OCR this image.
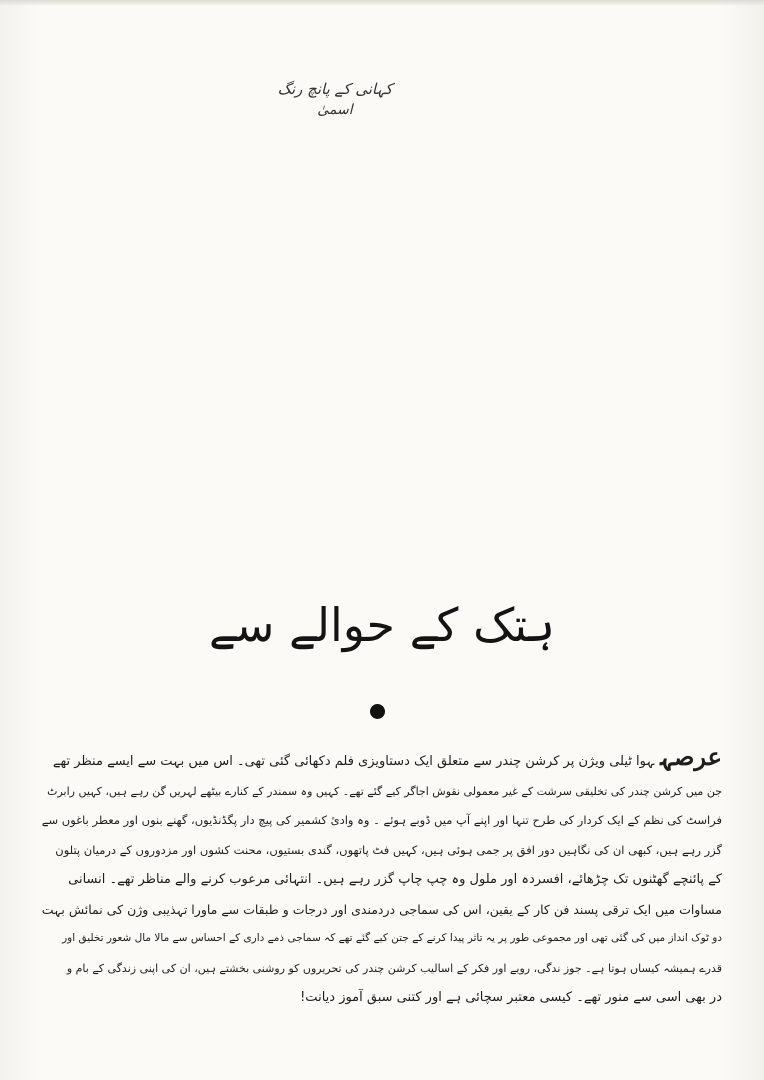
کہانی کے پانچ رنگ
اسمیٰ
ہتک کے حوالے سے
عرصہہوا ٹیلی ویژن پر کرشن چندر سے متعلق ایک دستاویزی فلم دکھائی گئی تھی۔ اس میں بہت سے ایسے منظر تھے
جن میں کرشن چندر کی تخلیقی سرشت کے غیر معمولی نقوش اجاگر کیے گئے تھے۔ کہیں وہ سمندر کے کنارے بیٹھے لہریں گن رہے ہیں، کہیں رابرٹ
فراسٹ کی نظم کے ایک کردار کی طرح تنہا اور اپنے آپ میں ڈوبے ہوئے ۔ وہ وادیٔ کشمیر کی پیچ دار پگڈنڈیوں، گھنے بنوں اور معطر باغوں سے
گزر رہے ہیں، کبھی ان کی نگاہیں دور افق پر جمی ہوئی ہیں، کہیں فٹ پاتھوں، گندی بستیوں، محنت کشوں اور مزدوروں کے درمیان پتلون
کے پائنچے گھٹنوں تک چڑھائے، افسردہ اور ملول وہ چپ چاپ گزر رہے ہیں۔ انتہائی مرعوب کرنے والے مناظر تھے۔ انسانی
مساوات میں ایک ترقی پسند فن کار کے یقین، اس کی سماجی دردمندی اور درجات و طبقات سے ماورا تہذیبی وژن کی نمائش بہت
دو ٹوک انداز میں کی گئی تھی اور مجموعی طور پر یہ تاثر پیدا کرنے کے جتن کیے گئے تھے کہ سماجی ذمے داری کے احساس سے مالا مال شعور تخلیق اور
قدرے ہمیشہ کیساں ہوتا ہے۔ جوز ندگی، رویے اور فکر کے اسالیب کرشن چندر کی تحریروں کو روشنی بخشتے ہیں، ان کی اپنی زندگی کے بام و
در بھی اسی سے منور تھے۔ کیسی معتبر سچائی ہے اور کتنی سبق آموز دیانت!
